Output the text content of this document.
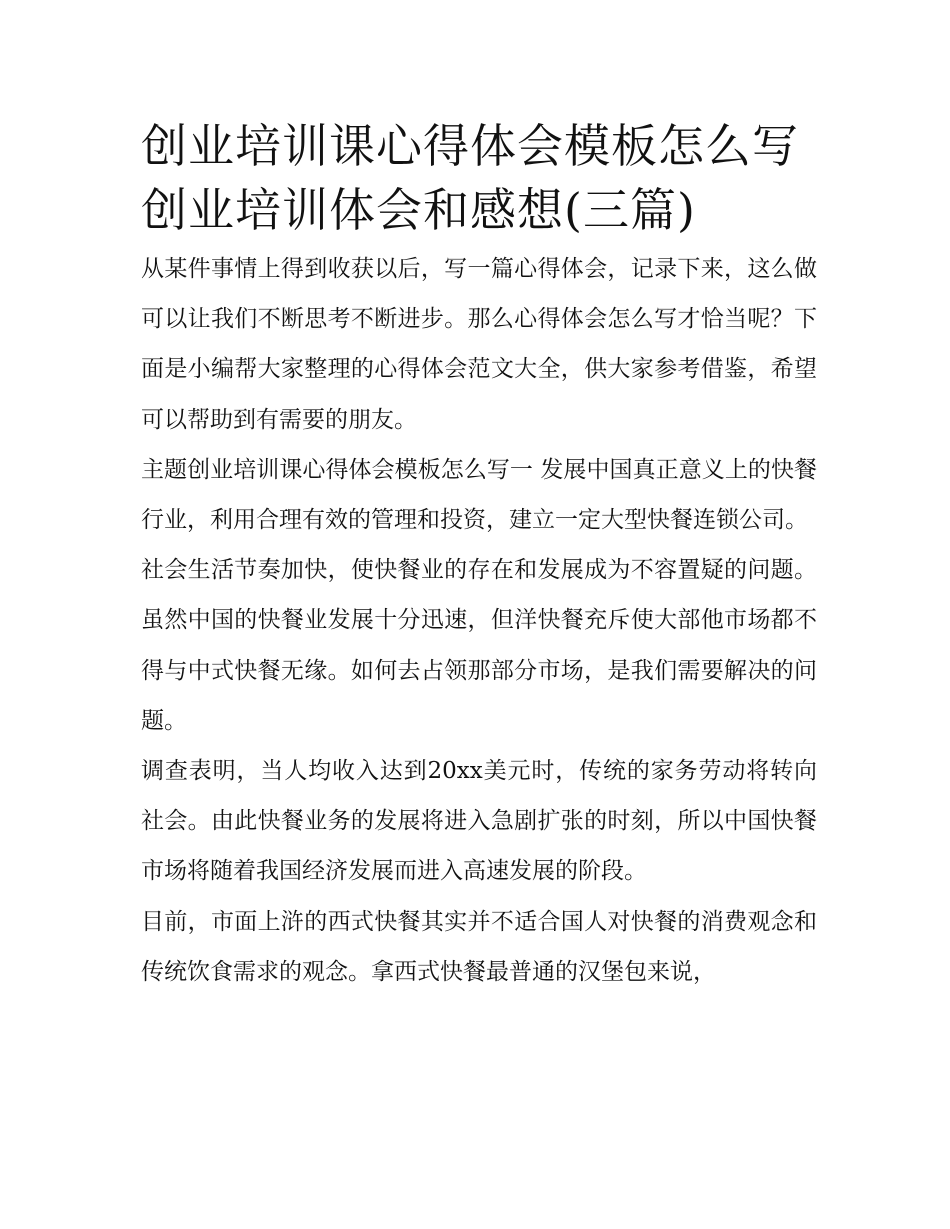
创业培训课心得体会模板怎么写 创业培训体会和感想(三篇)

从某件事情上得到收获以后，写一篇心得体会，记录下来，这么做可以让我们不断思考不断进步。那么心得体会怎么写才恰当呢？下面是小编帮大家整理的心得体会范文大全，供大家参考借鉴，希望可以帮助到有需要的朋友。

主题创业培训课心得体会模板怎么写一 发展中国真正意义上的快餐行业，利用合理有效的管理和投资，建立一定大型快餐连锁公司。

社会生活节奏加快，使快餐业的存在和发展成为不容置疑的问题。虽然中国的快餐业发展十分迅速，但洋快餐充斥使大部他市场都不得与中式快餐无缘。如何去占领那部分市场，是我们需要解决的问题。

调查表明，当人均收入达到20xx美元时，传统的家务劳动将转向社会。由此快餐业务的发展将进入急剧扩张的时刻，所以中国快餐市场将随着我国经济发展而进入高速发展的阶段。

目前，市面上浒的西式快餐其实并不适合国人对快餐的消费观念和传统饮食需求的观念。拿西式快餐最普通的汉堡包来说，
